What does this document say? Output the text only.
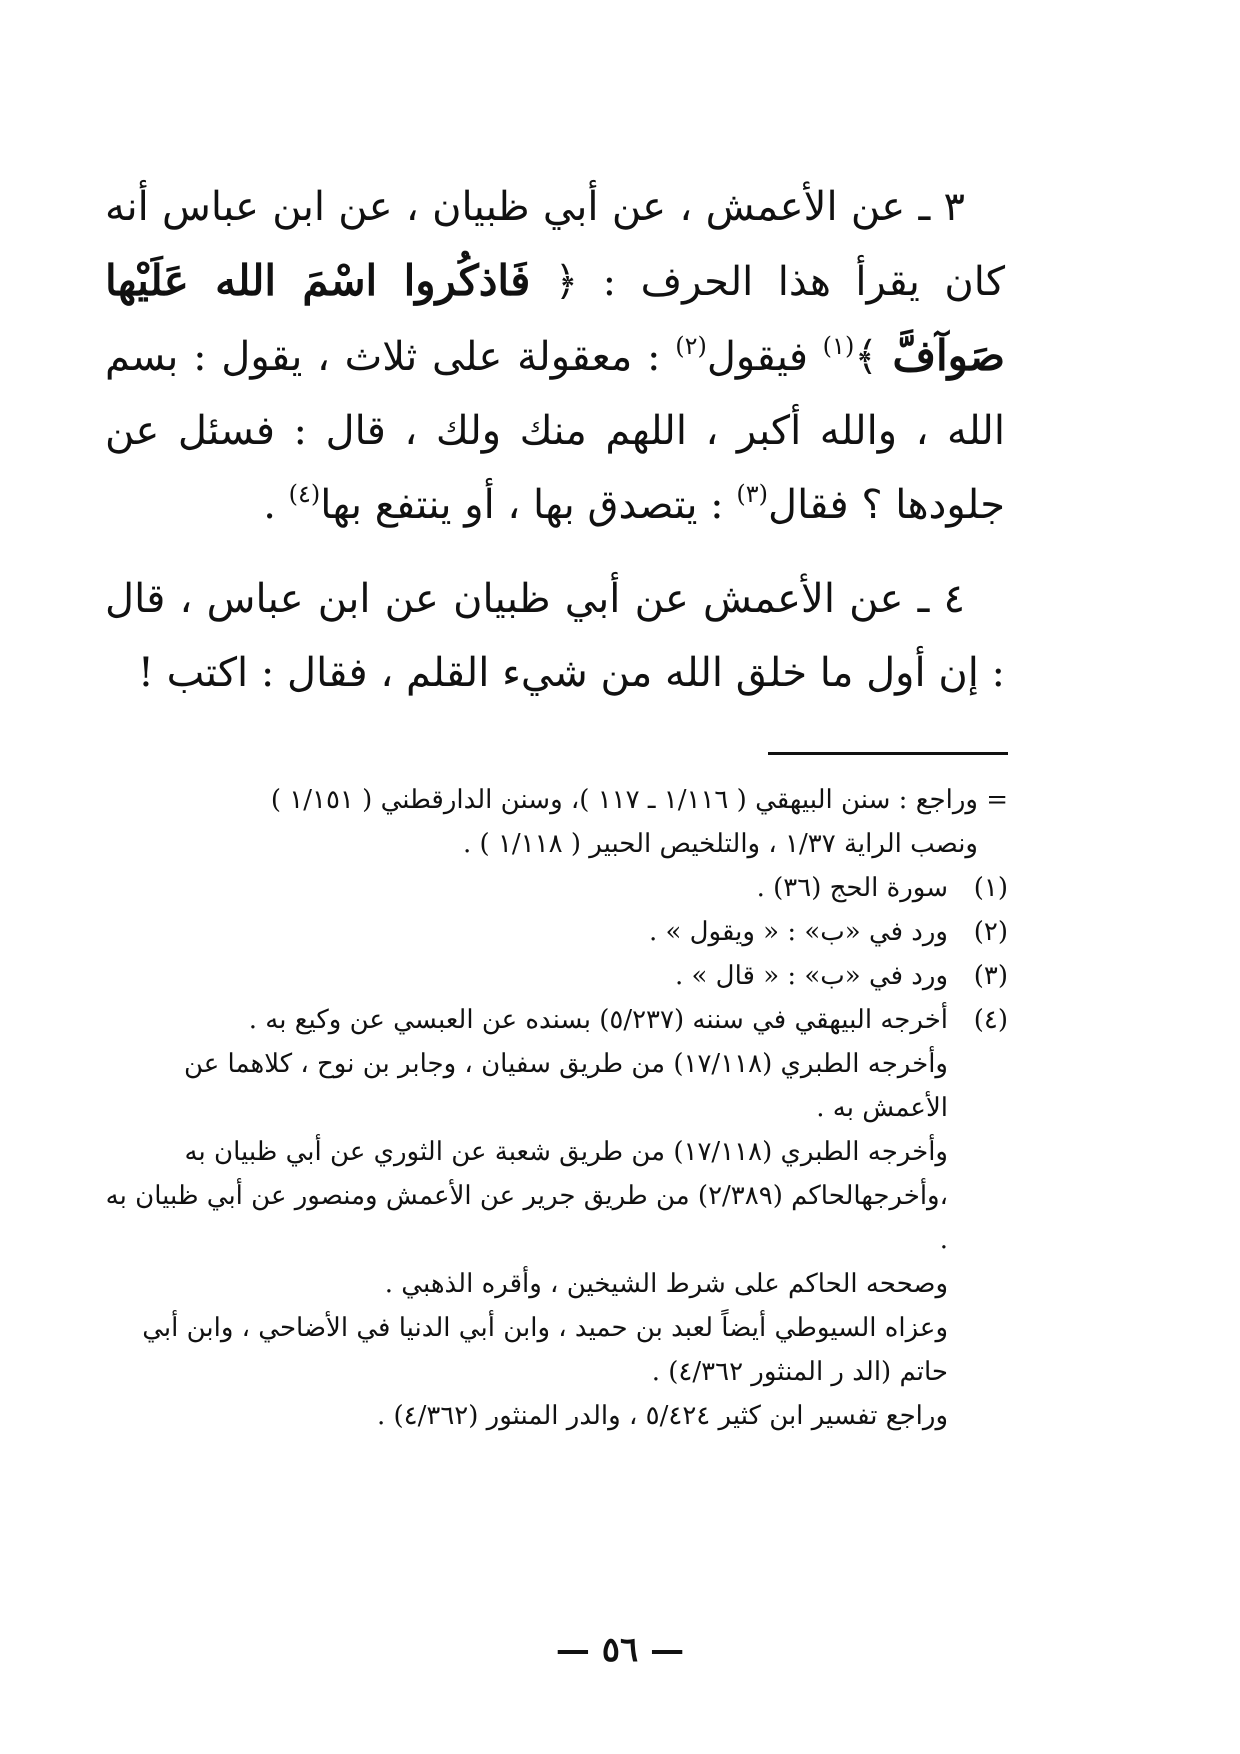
٣ ـ عن الأعمش ، عن أبي ظبيان ، عن ابن عباس أنه كان يقرأ هذا الحرف : ﴿ فَاذكُروا اسْمَ الله عَلَيْها صَوآفَّ ﴾$^{(١)}$ فيقول$^{(٢)}$ : معقولة على ثلاث ، يقول : بسم الله ، والله أكبر ، اللهم منك ولك ، قال : فسئل عن جلودها ؟ فقال$^{(٣)}$ : يتصدق بها ، أو ينتفع بها$^{(٤)}$ .

٤ ـ عن الأعمش عن أبي ظبيان عن ابن عباس ، قال : إن أول ما خلق الله من شيء القلم ، فقال : اكتب !

= وراجع : سنن البيهقي ( ١/١١٦ ـ ١١٧ )، وسنن الدارقطني ( ١/١٥١ )
ونصب الراية ١/٣٧ ، والتلخيص الحبير ( ١/١١٨ ) .
(١)
سورة الحج (٣٦) .
(٢)
ورد في «ب» : « ويقول » .
(٣)
ورد في «ب» : « قال » .
(٤)
أخرجه البيهقي في سننه (٥/٢٣٧) بسنده عن العبسي عن وكيع به .
وأخرجه الطبري (١٧/١١٨) من طريق سفيان ، وجابر بن نوح ، كلاهما عن الأعمش به .
وأخرجه الطبري (١٧/١١٨) من طريق شعبة عن الثوري عن أبي ظبيان به ،وأخرجهالحاكم (٢/٣٨٩) من طريق جرير عن الأعمش ومنصور عن أبي ظبيان به .
وصححه الحاكم على شرط الشيخين ، وأقره الذهبي .
وعزاه السيوطي أيضاً لعبد بن حميد ، وابن أبي الدنيا في الأضاحي ، وابن أبي حاتم (الد ر المنثور ٤/٣٦٢) .
وراجع تفسير ابن كثير ٥/٤٢٤ ، والدر المنثور (٤/٣٦٢) .
— ٥٦ —
